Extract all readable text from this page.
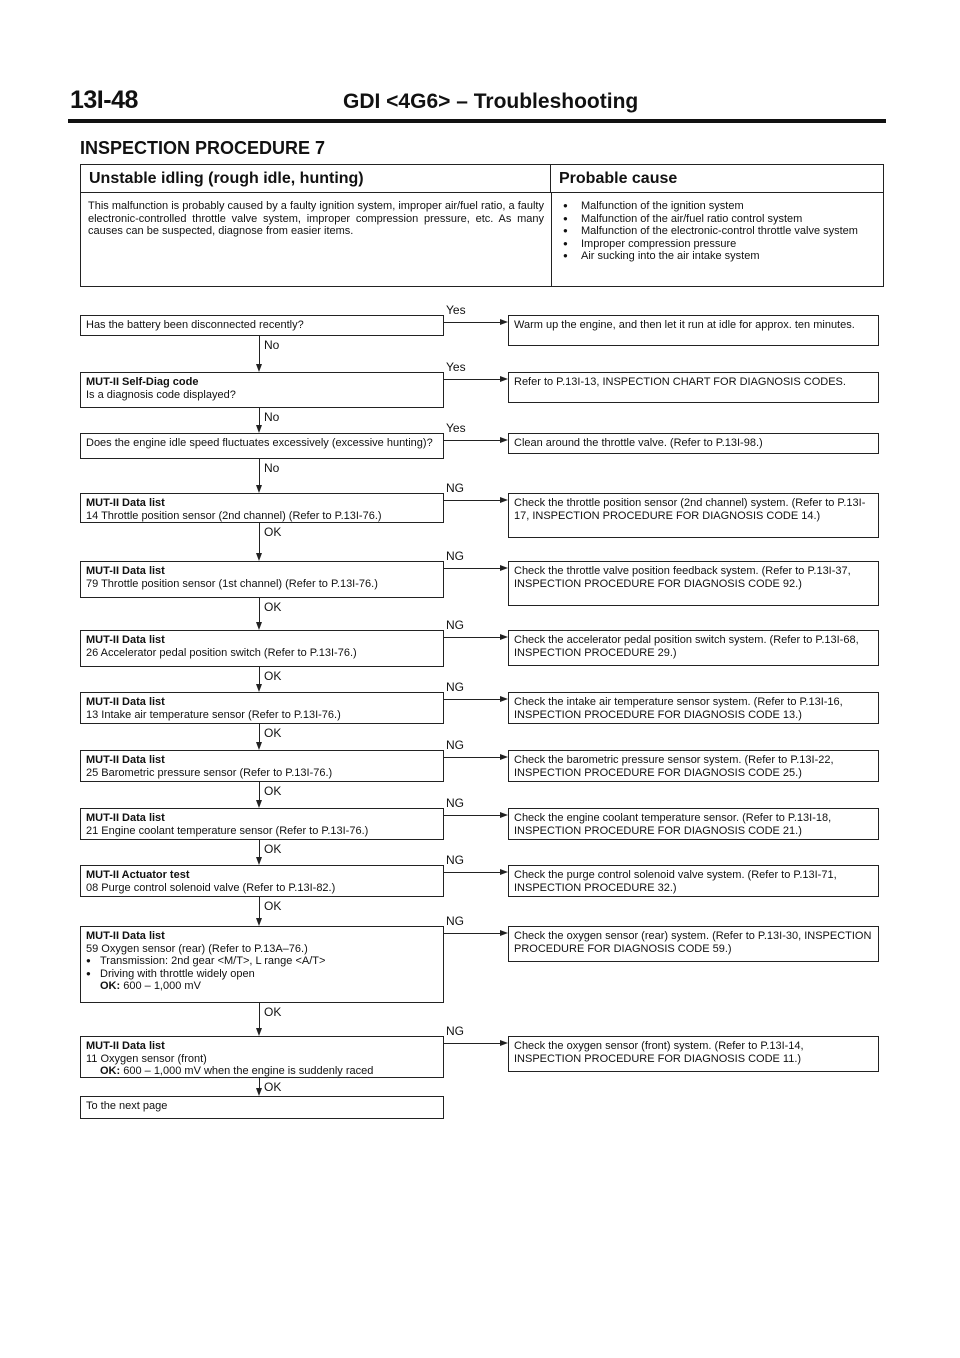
13I-48	GDI <4G6> – Troubleshooting
INSPECTION PROCEDURE 7
Unstable idling (rough idle, hunting)	Probable cause
This malfunction is probably caused by a faulty ignition system, improper air/fuel ratio, a faulty electronic-controlled throttle valve system, improper compression pressure, etc. As many causes can be suspected, diagnose from easier items.
● Malfunction of the ignition system
● Malfunction of the air/fuel ratio control system
● Malfunction of the electronic-control throttle valve system
● Improper compression pressure
● Air sucking into the air intake system
Has the battery been disconnected recently?	Warm up the engine, and then let it run at idle for approx. ten minutes.
Yes
No
MUT-II Self-Diag code
Is a diagnosis code displayed?
Refer to P.13I-13, INSPECTION CHART FOR DIAGNOSIS CODES.
Yes
No
Does the engine idle speed fluctuates excessively (excessive hunting)?	Clean around the throttle valve. (Refer to P.13I-98.)
Yes
No
MUT-II Data list
14 Throttle position sensor (2nd channel) (Refer to P.13I-76.)
Check the throttle position sensor (2nd channel) system. (Refer to P.13I-17, INSPECTION PROCEDURE FOR DIAGNOSIS CODE 14.)
NG
OK
MUT-II Data list
79 Throttle position sensor (1st channel) (Refer to P.13I-76.)
Check the throttle valve position feedback system. (Refer to P.13I-37, INSPECTION PROCEDURE FOR DIAGNOSIS CODE 92.)
NG
OK
MUT-II Data list
26 Accelerator pedal position switch (Refer to P.13I-76.)
Check the accelerator pedal position switch system. (Refer to P.13I-68, INSPECTION PROCEDURE 29.)
NG
OK
MUT-II Data list
13 Intake air temperature sensor (Refer to P.13I-76.)
Check the intake air temperature sensor system. (Refer to P.13I-16, INSPECTION PROCEDURE FOR DIAGNOSIS CODE 13.)
NG
OK
MUT-II Data list
25 Barometric pressure sensor (Refer to P.13I-76.)
Check the barometric pressure sensor system. (Refer to P.13I-22, INSPECTION PROCEDURE FOR DIAGNOSIS CODE 25.)
NG
OK
MUT-II Data list
21 Engine coolant temperature sensor (Refer to P.13I-76.)
Check the engine coolant temperature sensor. (Refer to P.13I-18, INSPECTION PROCEDURE FOR DIAGNOSIS CODE 21.)
NG
OK
MUT-II Actuator test
08 Purge control solenoid valve (Refer to P.13I-82.)
Check the purge control solenoid valve system. (Refer to P.13I-71, INSPECTION PROCEDURE 32.)
NG
OK
MUT-II Data list
59 Oxygen sensor (rear) (Refer to P.13A–76.)
● Transmission: 2nd gear <M/T>, L range <A/T>
● Driving with throttle widely open
OK: 600 – 1,000 mV
Check the oxygen sensor (rear) system. (Refer to P.13I-30, INSPECTION PROCEDURE FOR DIAGNOSIS CODE 59.)
NG
OK
MUT-II Data list
11 Oxygen sensor (front)
OK: 600 – 1,000 mV when the engine is suddenly raced
Check the oxygen sensor (front) system. (Refer to P.13I-14, INSPECTION PROCEDURE FOR DIAGNOSIS CODE 11.)
NG
OK
To the next page
